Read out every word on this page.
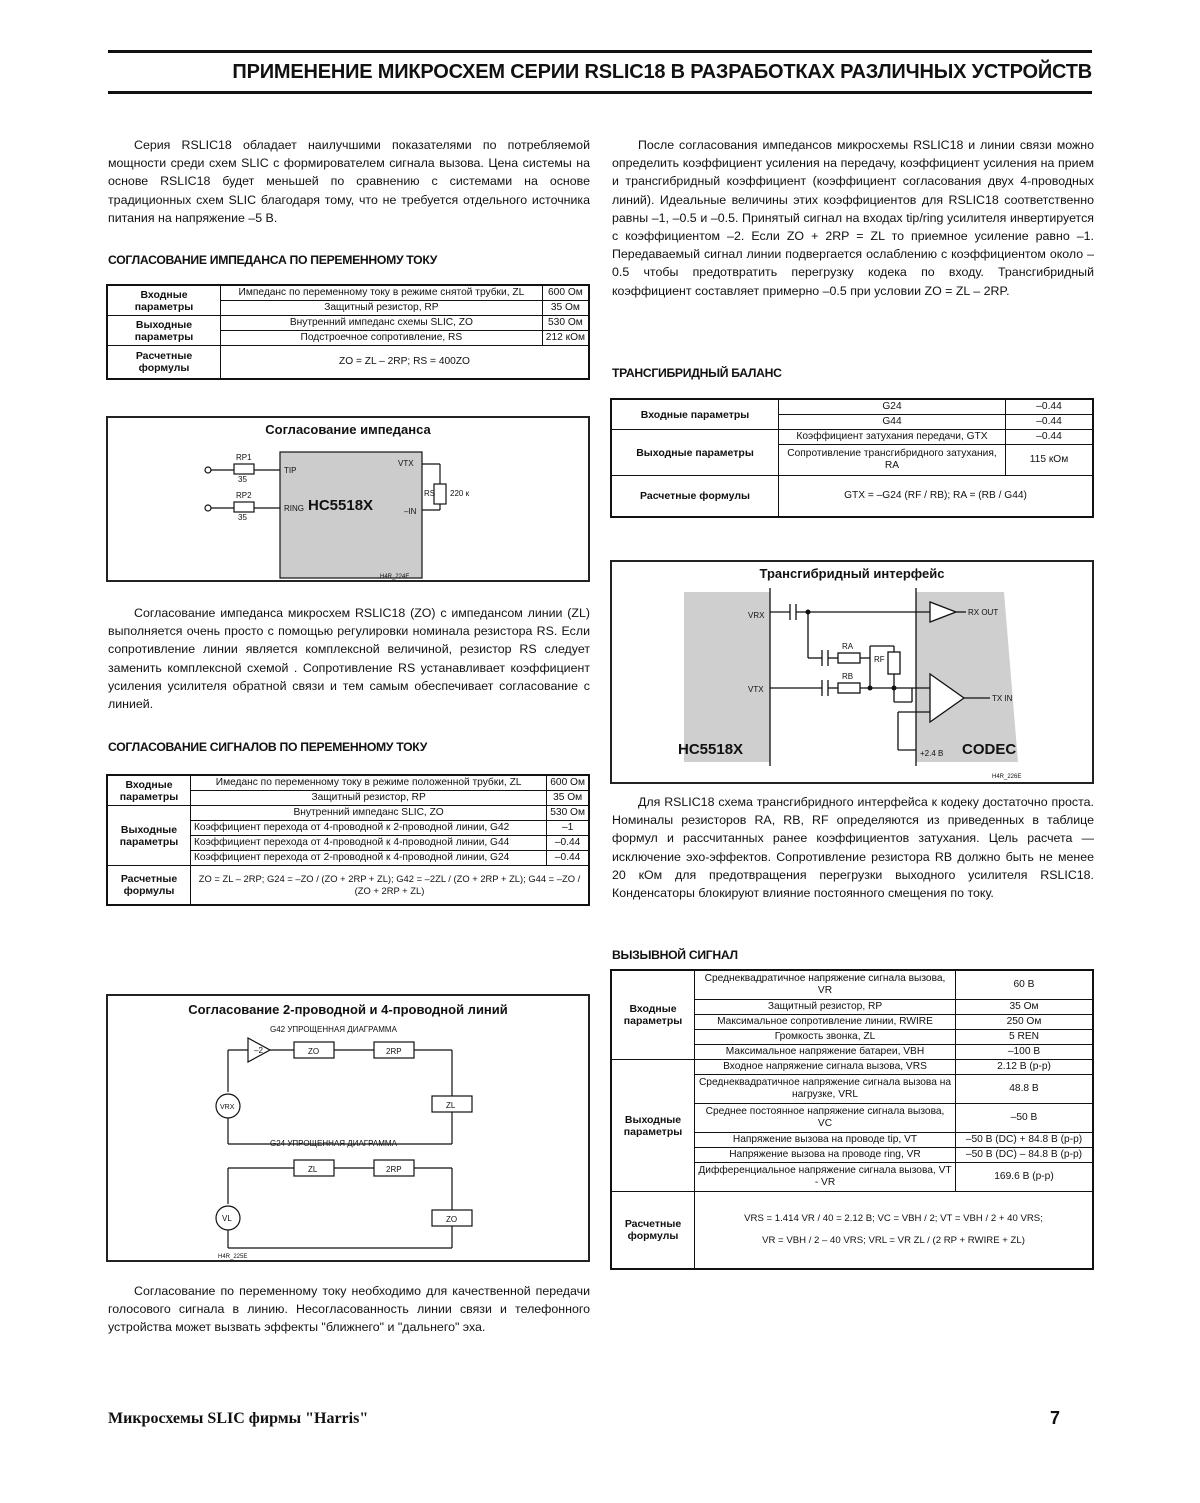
ПРИМЕНЕНИЕ МИКРОСХЕМ СЕРИИ RSLIC18 В РАЗРАБОТКАХ РАЗЛИЧНЫХ УСТРОЙСТВ

Серия RSLIC18 обладает наилучшими показателями по потребляемой мощности среди схем SLIC с формирователем сигнала вызова. Цена системы на основе RSLIC18 будет меньшей по сравнению с системами на основе традиционных схем SLIC благодаря тому, что не требуется отдельного источника питания на напряжение –5 В.

СОГЛАСОВАНИЕ ИМПЕДАНСА ПО ПЕРЕМЕННОМУ ТОКУ
Входные параметры	Импеданс по переменному току в режиме снятой трубки, ZL	600 Ом
	Защитный резистор, RP	35 Ом
Выходные параметры	Внутренний импеданс схемы SLIC, ZO	530 Ом
	Подстроечное сопротивление, RS	212 кОм
Расчетные формулы	ZO = ZL – 2RP; RS = 400ZO	
Согласование импеданса
RP1
35
RP2
35
TIP
RING
VTX
–IN
RS 220 к
H4R_224E
HC5518X

Согласование импеданса микросхем RSLIC18 (ZO) с импедансом линии (ZL) выполняется очень просто с помощью регулировки номинала резистора RS. Если сопротивление линии является комплексной величиной, резистор RS следует заменить комплексной схемой . Сопротивление RS устанавливает коэффициент усиления усилителя обратной связи и тем самым обеспечивает согласование с линией.

СОГЛАСОВАНИЕ СИГНАЛОВ ПО ПЕРЕМЕННОМУ ТОКУ
Входные параметры	Имеданс по переменному току в режиме положенной трубки, ZL	600 Ом
	Защитный резистор, RP	35 Ом
Выходные параметры	Внутренний импеданс SLIC, ZO	530 Ом
	Коэффициент перехода от 4-проводной к 2-проводной линии, G42	–1
	Коэффициент перехода от 4-проводной к 4-проводной линии, G44	–0.44
	Коэффициент перехода от 2-проводной к 4-проводной линии, G24	–0.44
Расчетные формулы	ZO = ZL – 2RP; G24 = –ZO / (ZO + 2RP + ZL); G42 = –2ZL / (ZO + 2RP + ZL); G44 = –ZO / (ZO + 2RP + ZL)	
Согласование 2-проводной и 4-проводной линий
G42 УПРОЩЕННАЯ ДИАГРАММА
G24 УПРОЩЕННАЯ ДИАГРАММА
H4R_225E
–2	ZO	2RP
ZL
VRX
ZL	2RP
ZO
VL

Согласование по переменному току необходимо для качественной передачи голосового сигнала в линию. Несогласованность линии связи и телефонного устройства может вызвать эффекты "ближнего" и "дальнего" эха.

После согласования импедансов микросхемы RSLIC18 и линии связи можно определить коэффициент усиления на передачу, коэффициент усиления на прием и трансгибридный коэффициент (коэффициент согласования двух 4-проводных линий). Идеальные величины этих коэффициентов для RSLIC18 соответственно равны –1, –0.5 и –0.5. Принятый сигнал на входах tip/ring усилителя инвертируется с коэффициентом –2. Если ZO + 2RP = ZL то приемное усиление равно –1. Передаваемый сигнал линии подвергается ослаблению с коэффициентом около –0.5 чтобы предотвратить перегрузку кодека по входу. Трансгибридный коэффициент составляет примерно –0.5 при условии ZO = ZL – 2RP.

ТРАНСГИБРИДНЫЙ БАЛАНС
Входные параметры	G24	–0.44
	G44	–0.44
Выходные параметры	Коэффициент затухания передачи, GTX	–0.44
	Сопротивление трансгибридного затухания, RA	115 кОм
Расчетные формулы	GTX = –G24 (RF / RB); RA = (RB / G44)	
Трансгибридный интерфейс
VRX
VTX
RA
RB
RF
RX OUT
TX IN
+2.4 В
H4R_226E
HC5518X	CODEC

Для RSLIC18 схема трансгибридного интерфейса к кодеку достаточно проста. Номиналы резисторов RA, RB, RF определяются из приведенных в таблице формул и рассчитанных ранее коэффициентов затухания. Цель расчета — исключение эхо-эффектов. Сопротивление резистора RB должно быть не менее 20 кОм для предотвращения перегрузки выходного усилителя RSLIC18. Конденсаторы блокируют влияние постоянного смещения по току.

ВЫЗЫВНОЙ СИГНАЛ
Входные параметры	Среднеквадратичное напряжение сигнала вызова, VR	60 В
	Защитный резистор, RP	35 Ом
	Максимальное сопротивление линии, RWIRE	250 Ом
	Громкость звонка, ZL	5 REN
	Максимальное напряжение батареи, VBH	–100 В
Выходные параметры	Входное напряжение сигнала вызова, VRS	2.12 В (p-p)
	Среднеквадратичное напряжение сигнала вызова на нагрузке, VRL	48.8 В
	Среднее постоянное напряжение сигнала вызова, VC	–50 В
	Напряжение вызова на проводе tip, VT	–50 В (DC) + 84.8 В (p-p)
	Напряжение вызова на проводе ring, VR	–50 В (DC) – 84.8 В (p-p)
	Дифференциальное напряжение сигнала вызова, VT - VR	169.6 В (p-p)
Расчетные формулы	VRS = 1.414 VR / 40 = 2.12 В; VC = VBH / 2; VT = VBH / 2 + 40 VRS;
VR = VBH / 2 – 40 VRS; VRL = VR ZL / (2 RP + RWIRE + ZL)	
Микросхемы SLIC фирмы "Harris"	7
